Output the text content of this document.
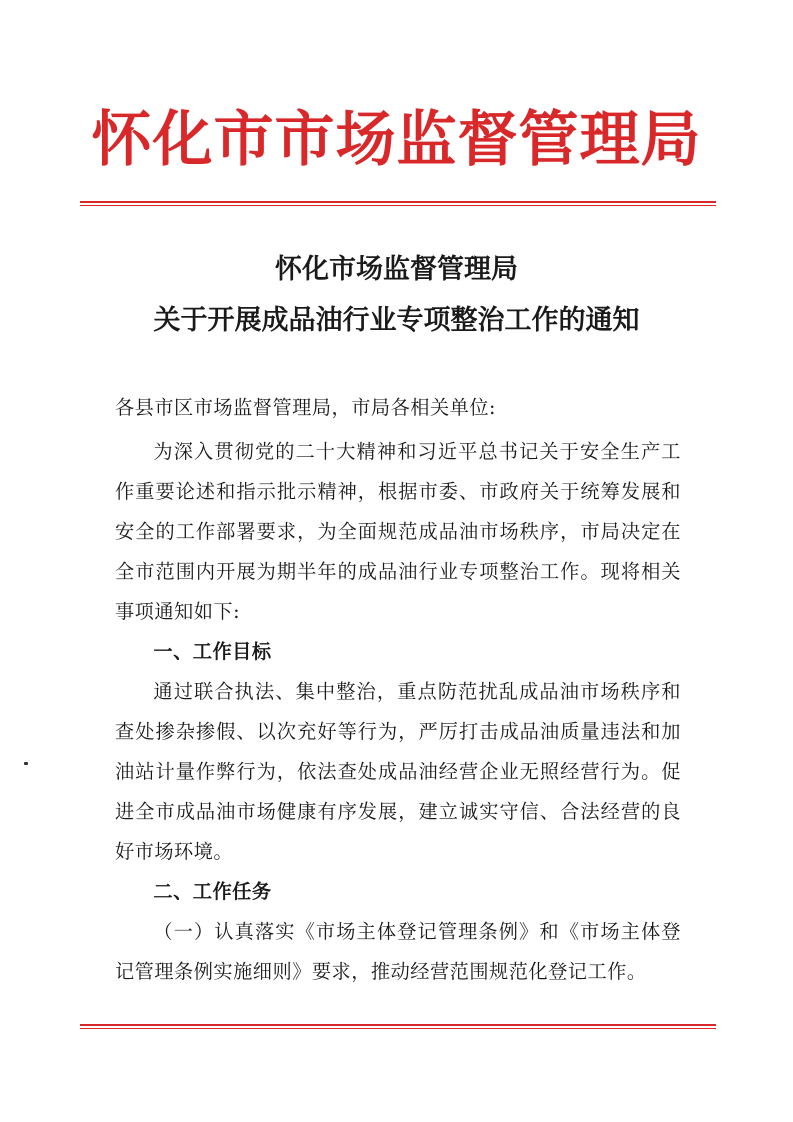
怀化市市场监督管理局
怀化市场监督管理局
关于开展成品油行业专项整治工作的通知

各县市区市场监督管理局，市局各相关单位:

为深入贯彻党的二十大精神和习近平总书记关于安全生产工作重要论述和指示批示精神，根据市委、市政府关于统筹发展和安全的工作部署要求，为全面规范成品油市场秩序，市局决定在全市范围内开展为期半年的成品油行业专项整治工作。现将相关事项通知如下:

一、工作目标

通过联合执法、集中整治，重点防范扰乱成品油市场秩序和查处掺杂掺假、以次充好等行为，严厉打击成品油质量违法和加油站计量作弊行为，依法查处成品油经营企业无照经营行为。促进全市成品油市场健康有序发展，建立诚实守信、合法经营的良好市场环境。

二、工作任务

（一）认真落实《市场主体登记管理条例》和《市场主体登记管理条例实施细则》要求，推动经营范围规范化登记工作。
